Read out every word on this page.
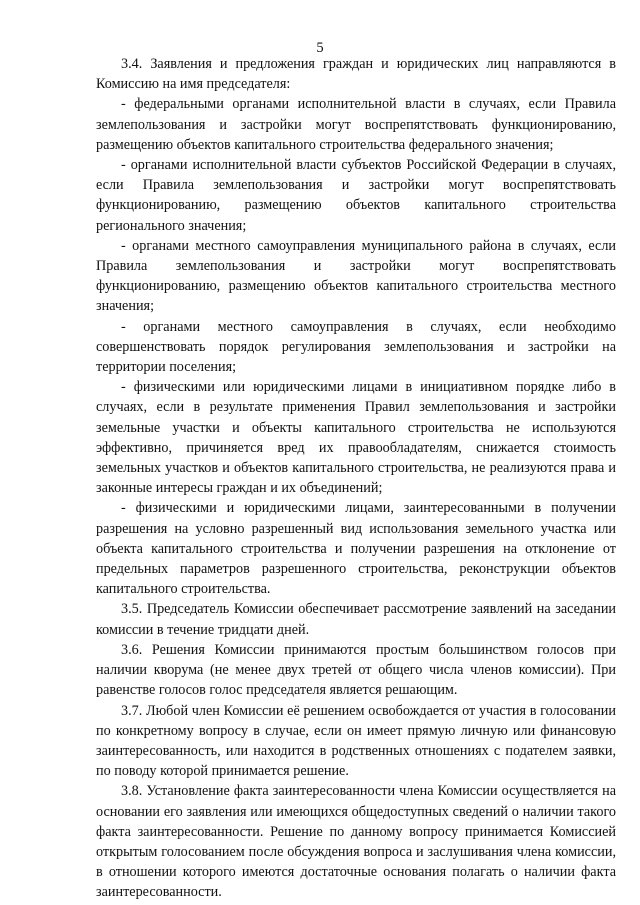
5

3.4. Заявления и предложения граждан и юридических лиц направляются в Комиссию на имя председателя:

- федеральными органами исполнительной власти в случаях, если Правила землепользования и застройки могут воспрепятствовать функционированию, размещению объектов капитального строительства федерального значения;

- органами исполнительной власти субъектов Российской Федерации в случаях, если Правила землепользования и застройки могут воспрепятствовать функционированию, размещению объектов капитального строительства регионального значения;

- органами местного самоуправления муниципального района в случаях, если Правила землепользования и застройки могут воспрепятствовать функционированию, размещению объектов капитального строительства местного значения;

- органами местного самоуправления в случаях, если необходимо совершенствовать порядок регулирования землепользования и застройки на территории поселения;

- физическими или юридическими лицами в инициативном порядке либо в случаях, если в результате применения Правил землепользования и застройки земельные участки и объекты капитального строительства не используются эффективно, причиняется вред их правообладателям, снижается стоимость земельных участков и объектов капитального строительства, не реализуются права и законные интересы граждан и их объединений;

- физическими и юридическими лицами, заинтересованными в получении разрешения на условно разрешенный вид использования земельного участка или объекта капитального строительства и получении разрешения на отклонение от предельных параметров разрешенного строительства, реконструкции объектов капитального строительства.

3.5. Председатель Комиссии обеспечивает рассмотрение заявлений на заседании комиссии в течение тридцати дней.

3.6. Решения Комиссии принимаются простым большинством голосов при наличии кворума (не менее двух третей от общего числа членов комиссии). При равенстве голосов голос председателя является решающим.

3.7. Любой член Комиссии её решением освобождается от участия в голосовании по конкретному вопросу в случае, если он имеет прямую личную или финансовую заинтересованность, или находится в родственных отношениях с подателем заявки, по поводу которой принимается решение.

3.8. Установление факта заинтересованности члена Комиссии осуществляется на основании его заявления или имеющихся общедоступных сведений о наличии такого факта заинтересованности. Решение по данному вопросу принимается Комиссией открытым голосованием после обсуждения вопроса и заслушивания члена комиссии, в отношении которого имеются достаточные основания полагать о наличии факта заинтересованности.
